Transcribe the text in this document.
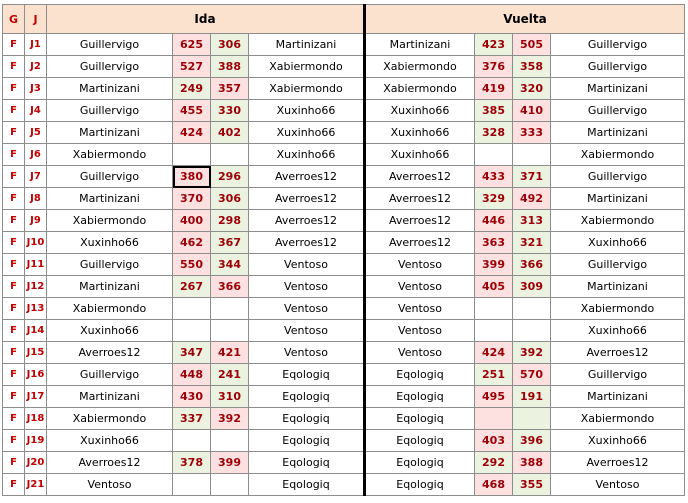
G	J	Ida				Vuelta			
F	J1	Guillervigo	625	306	Martinizani	Martinizani	423	505	Guillervigo
F	J2	Guillervigo	527	388	Xabiermondo	Xabiermondo	376	358	Guillervigo
F	J3	Martinizani	249	357	Xabiermondo	Xabiermondo	419	320	Martinizani
F	J4	Guillervigo	455	330	Xuxinho66	Xuxinho66	385	410	Guillervigo
F	J5	Martinizani	424	402	Xuxinho66	Xuxinho66	328	333	Martinizani
F	J6	Xabiermondo			Xuxinho66	Xuxinho66			Xabiermondo
F	J7	Guillervigo	380	296	Averroes12	Averroes12	433	371	Guillervigo
F	J8	Martinizani	370	306	Averroes12	Averroes12	329	492	Martinizani
F	J9	Xabiermondo	400	298	Averroes12	Averroes12	446	313	Xabiermondo
F	J10	Xuxinho66	462	367	Averroes12	Averroes12	363	321	Xuxinho66
F	J11	Guillervigo	550	344	Ventoso	Ventoso	399	366	Guillervigo
F	J12	Martinizani	267	366	Ventoso	Ventoso	405	309	Martinizani
F	J13	Xabiermondo			Ventoso	Ventoso			Xabiermondo
F	J14	Xuxinho66			Ventoso	Ventoso			Xuxinho66
F	J15	Averroes12	347	421	Ventoso	Ventoso	424	392	Averroes12
F	J16	Guillervigo	448	241	Eqologiq	Eqologiq	251	570	Guillervigo
F	J17	Martinizani	430	310	Eqologiq	Eqologiq	495	191	Martinizani
F	J18	Xabiermondo	337	392	Eqologiq	Eqologiq			Xabiermondo
F	J19	Xuxinho66			Eqologiq	Eqologiq	403	396	Xuxinho66
F	J20	Averroes12	378	399	Eqologiq	Eqologiq	292	388	Averroes12
F	J21	Ventoso			Eqologiq	Eqologiq	468	355	Ventoso
